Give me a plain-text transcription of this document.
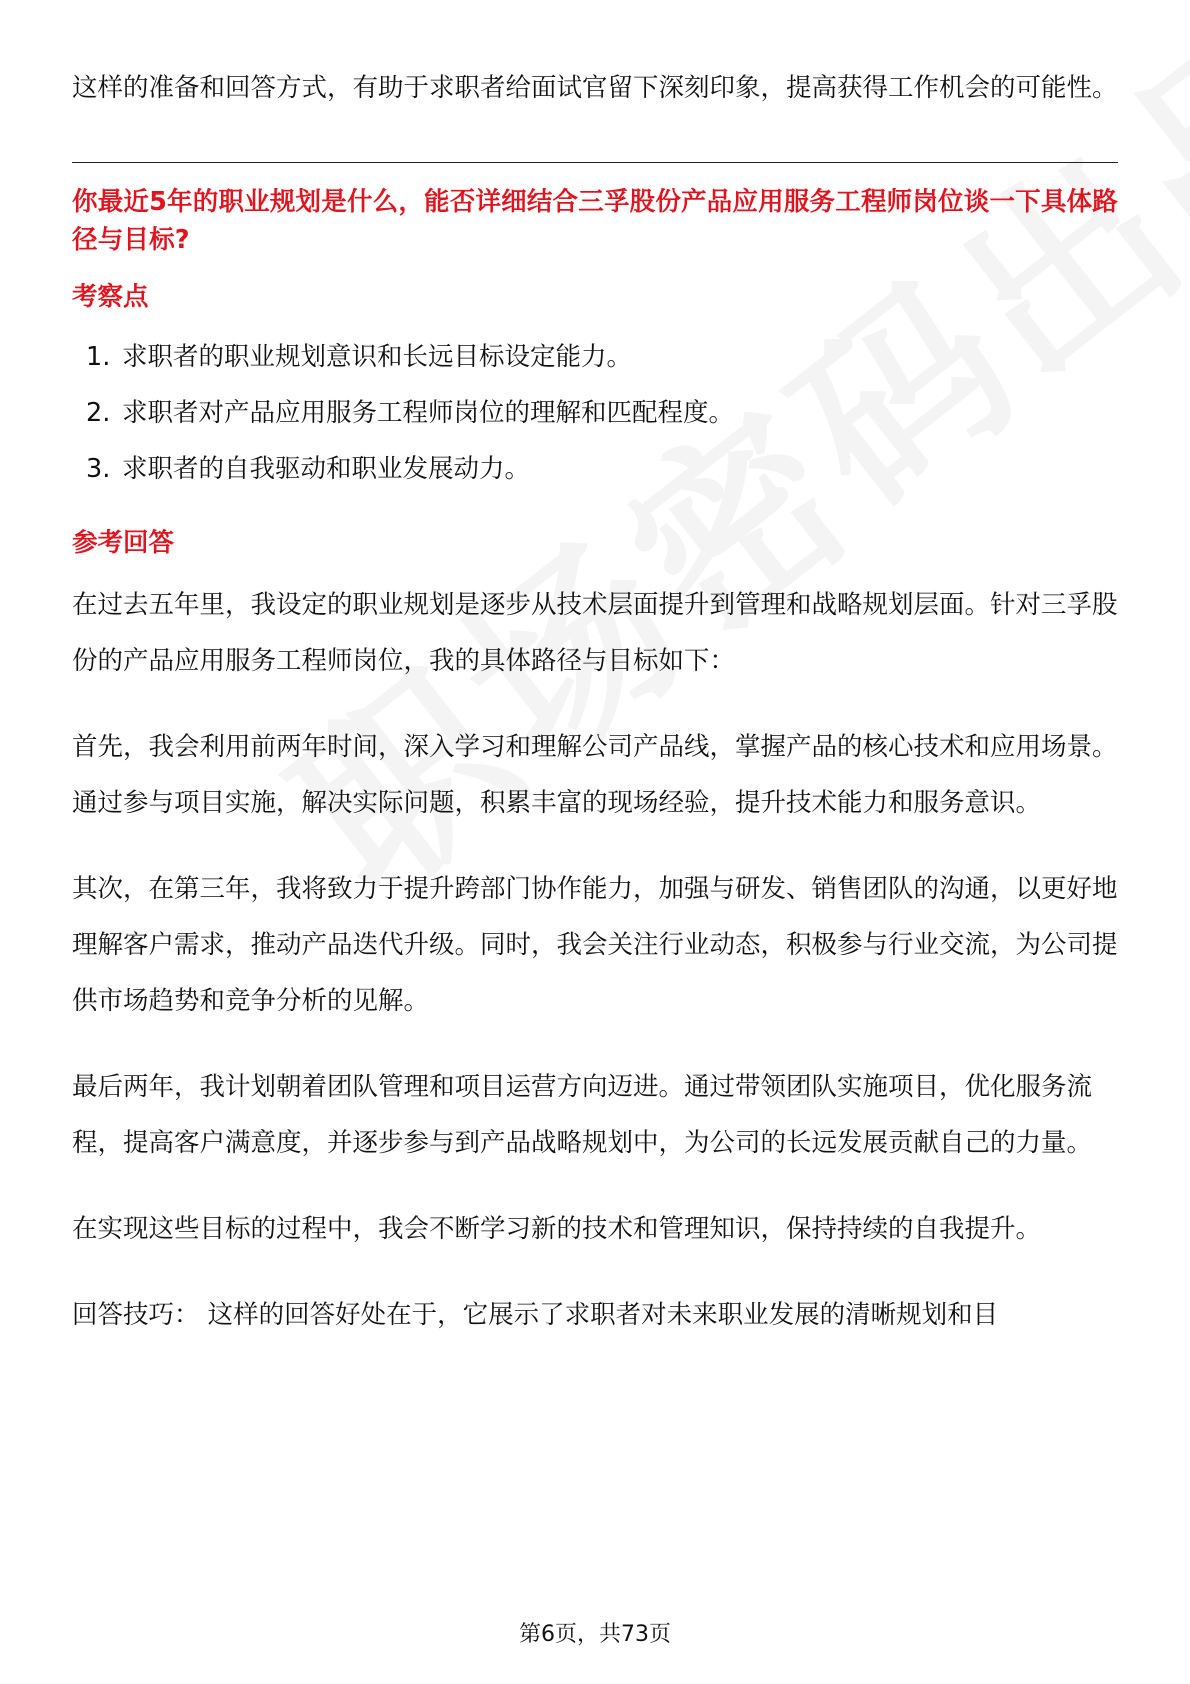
这样的准备和回答方式，有助于求职者给面试官留下深刻印象，提高获得工作机会的可能性。

你最近5年的职业规划是什么，能否详细结合三孚股份产品应用服务工程师岗位谈一下具体路径与目标?

考察点
1. 求职者的职业规划意识和长远目标设定能力。
2. 求职者对产品应用服务工程师岗位的理解和匹配程度。
3. 求职者的自我驱动和职业发展动力。
参考回答

在过去五年里，我设定的职业规划是逐步从技术层面提升到管理和战略规划层面。针对三孚股份的产品应用服务工程师岗位，我的具体路径与目标如下：

首先，我会利用前两年时间，深入学习和理解公司产品线，掌握产品的核心技术和应用场景。通过参与项目实施，解决实际问题，积累丰富的现场经验，提升技术能力和服务意识。

其次，在第三年，我将致力于提升跨部门协作能力，加强与研发、销售团队的沟通，以更好地理解客户需求，推动产品迭代升级。同时，我会关注行业动态，积极参与行业交流，为公司提供市场趋势和竞争分析的见解。

最后两年，我计划朝着团队管理和项目运营方向迈进。通过带领团队实施项目，优化服务流程，提高客户满意度，并逐步参与到产品战略规划中，为公司的长远发展贡献自己的力量。

在实现这些目标的过程中，我会不断学习新的技术和管理知识，保持持续的自我提升。

回答技巧： 这样的回答好处在于，它展示了求职者对未来职业发展的清晰规划和目

第6页，共73页
